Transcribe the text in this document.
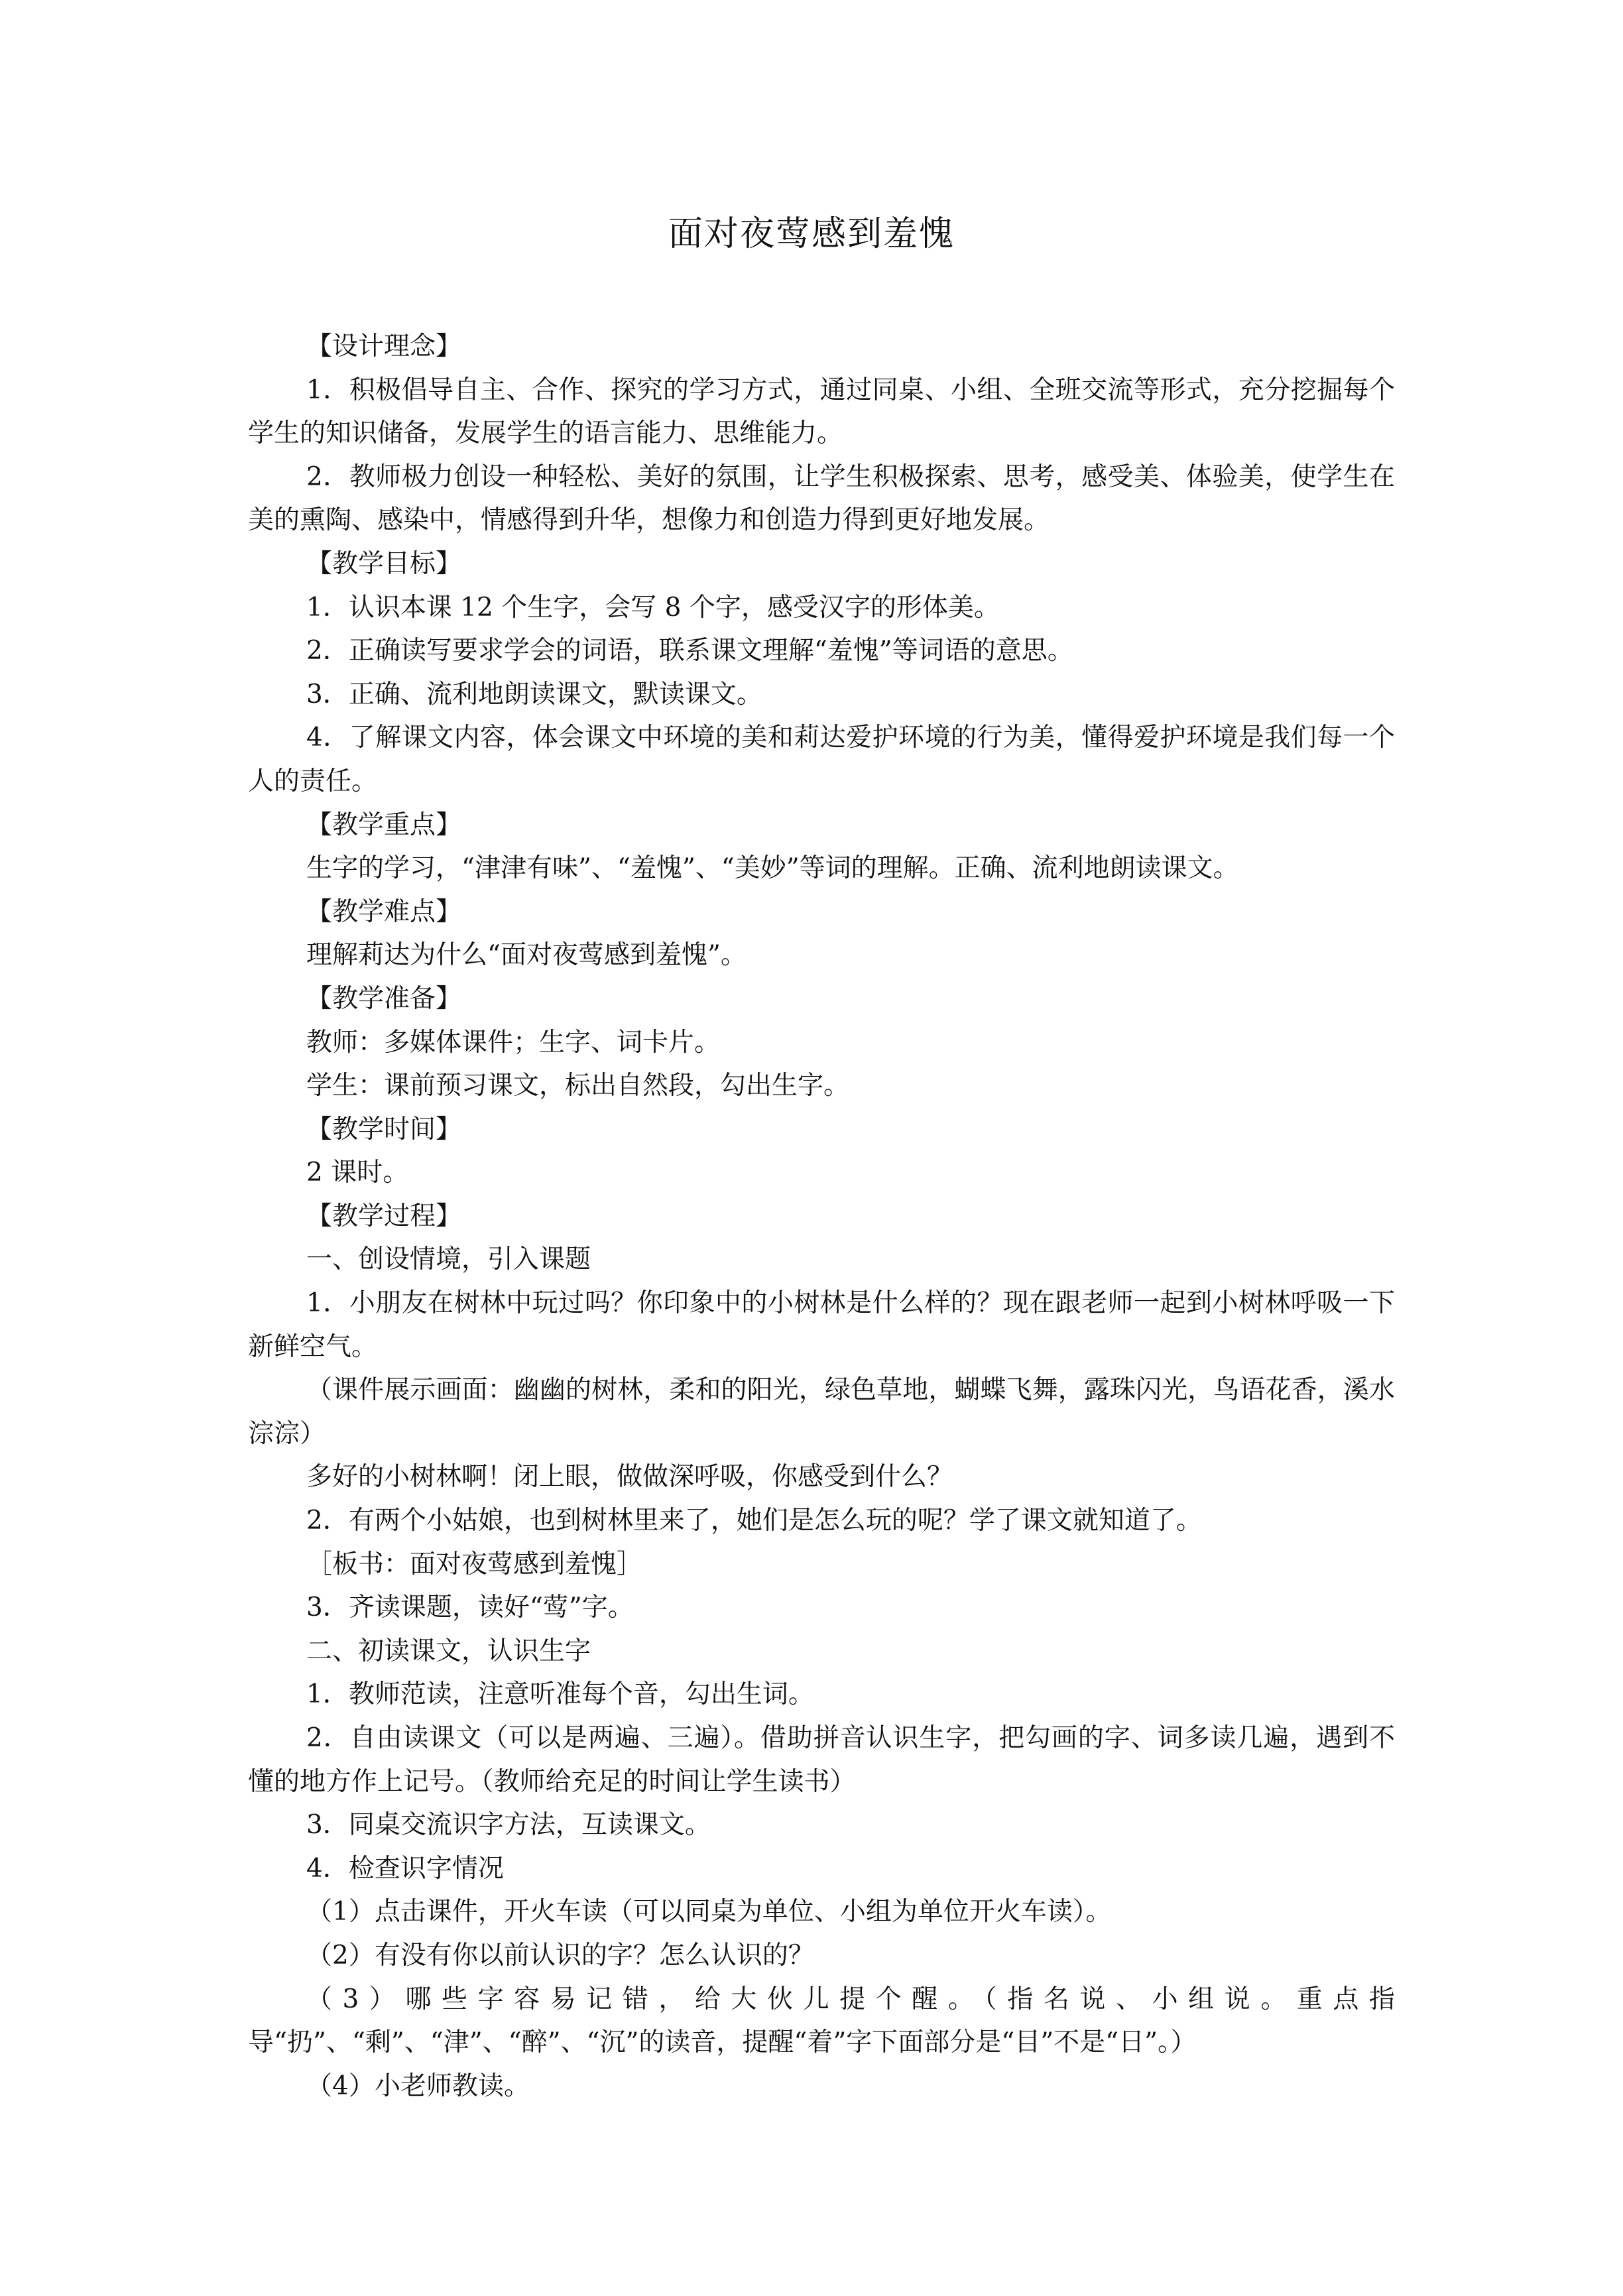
面对夜莺感到羞愧

【设计理念】

1．积极倡导自主、合作、探究的学习方式，通过同桌、小组、全班交流等形式，充分挖掘每个学生的知识储备，发展学生的语言能力、思维能力。

2．教师极力创设一种轻松、美好的氛围，让学生积极探索、思考，感受美、体验美，使学生在美的熏陶、感染中，情感得到升华，想像力和创造力得到更好地发展。

【教学目标】

1．认识本课 12 个生字，会写 8 个字，感受汉字的形体美。

2．正确读写要求学会的词语，联系课文理解“羞愧”等词语的意思。

3．正确、流利地朗读课文，默读课文。

4．了解课文内容，体会课文中环境的美和莉达爱护环境的行为美，懂得爱护环境是我们每一个人的责任。

【教学重点】

生字的学习，“津津有味”、“羞愧”、“美妙”等词的理解。正确、流利地朗读课文。

【教学难点】

理解莉达为什么“面对夜莺感到羞愧”。

【教学准备】

教师：多媒体课件；生字、词卡片。

学生：课前预习课文，标出自然段，勾出生字。

【教学时间】

2 课时。

【教学过程】

一、创设情境，引入课题

1．小朋友在树林中玩过吗？你印象中的小树林是什么样的？现在跟老师一起到小树林呼吸一下新鲜空气。

（课件展示画面：幽幽的树林，柔和的阳光，绿色草地，蝴蝶飞舞，露珠闪光，鸟语花香，溪水淙淙）

多好的小树林啊！闭上眼，做做深呼吸，你感受到什么？

2．有两个小姑娘，也到树林里来了，她们是怎么玩的呢？学了课文就知道了。

［板书：面对夜莺感到羞愧］

3．齐读课题，读好“莺”字。

二、初读课文，认识生字

1．教师范读，注意听准每个音，勾出生词。

2．自由读课文（可以是两遍、三遍）。借助拼音认识生字，把勾画的字、词多读几遍，遇到不懂的地方作上记号。（教师给充足的时间让学生读书）

3．同桌交流识字方法，互读课文。

4．检查识字情况

（1）点击课件，开火车读（可以同桌为单位、小组为单位开火车读）。

（2）有没有你以前认识的字？怎么认识的？

（3）哪些字容易记错，给大伙儿提个醒。（指名说、小组说。重点指导“扔”、“剩”、“津”、“醉”、“沉”的读音，提醒“着”字下面部分是“目”不是“日”。）

（4）小老师教读。
